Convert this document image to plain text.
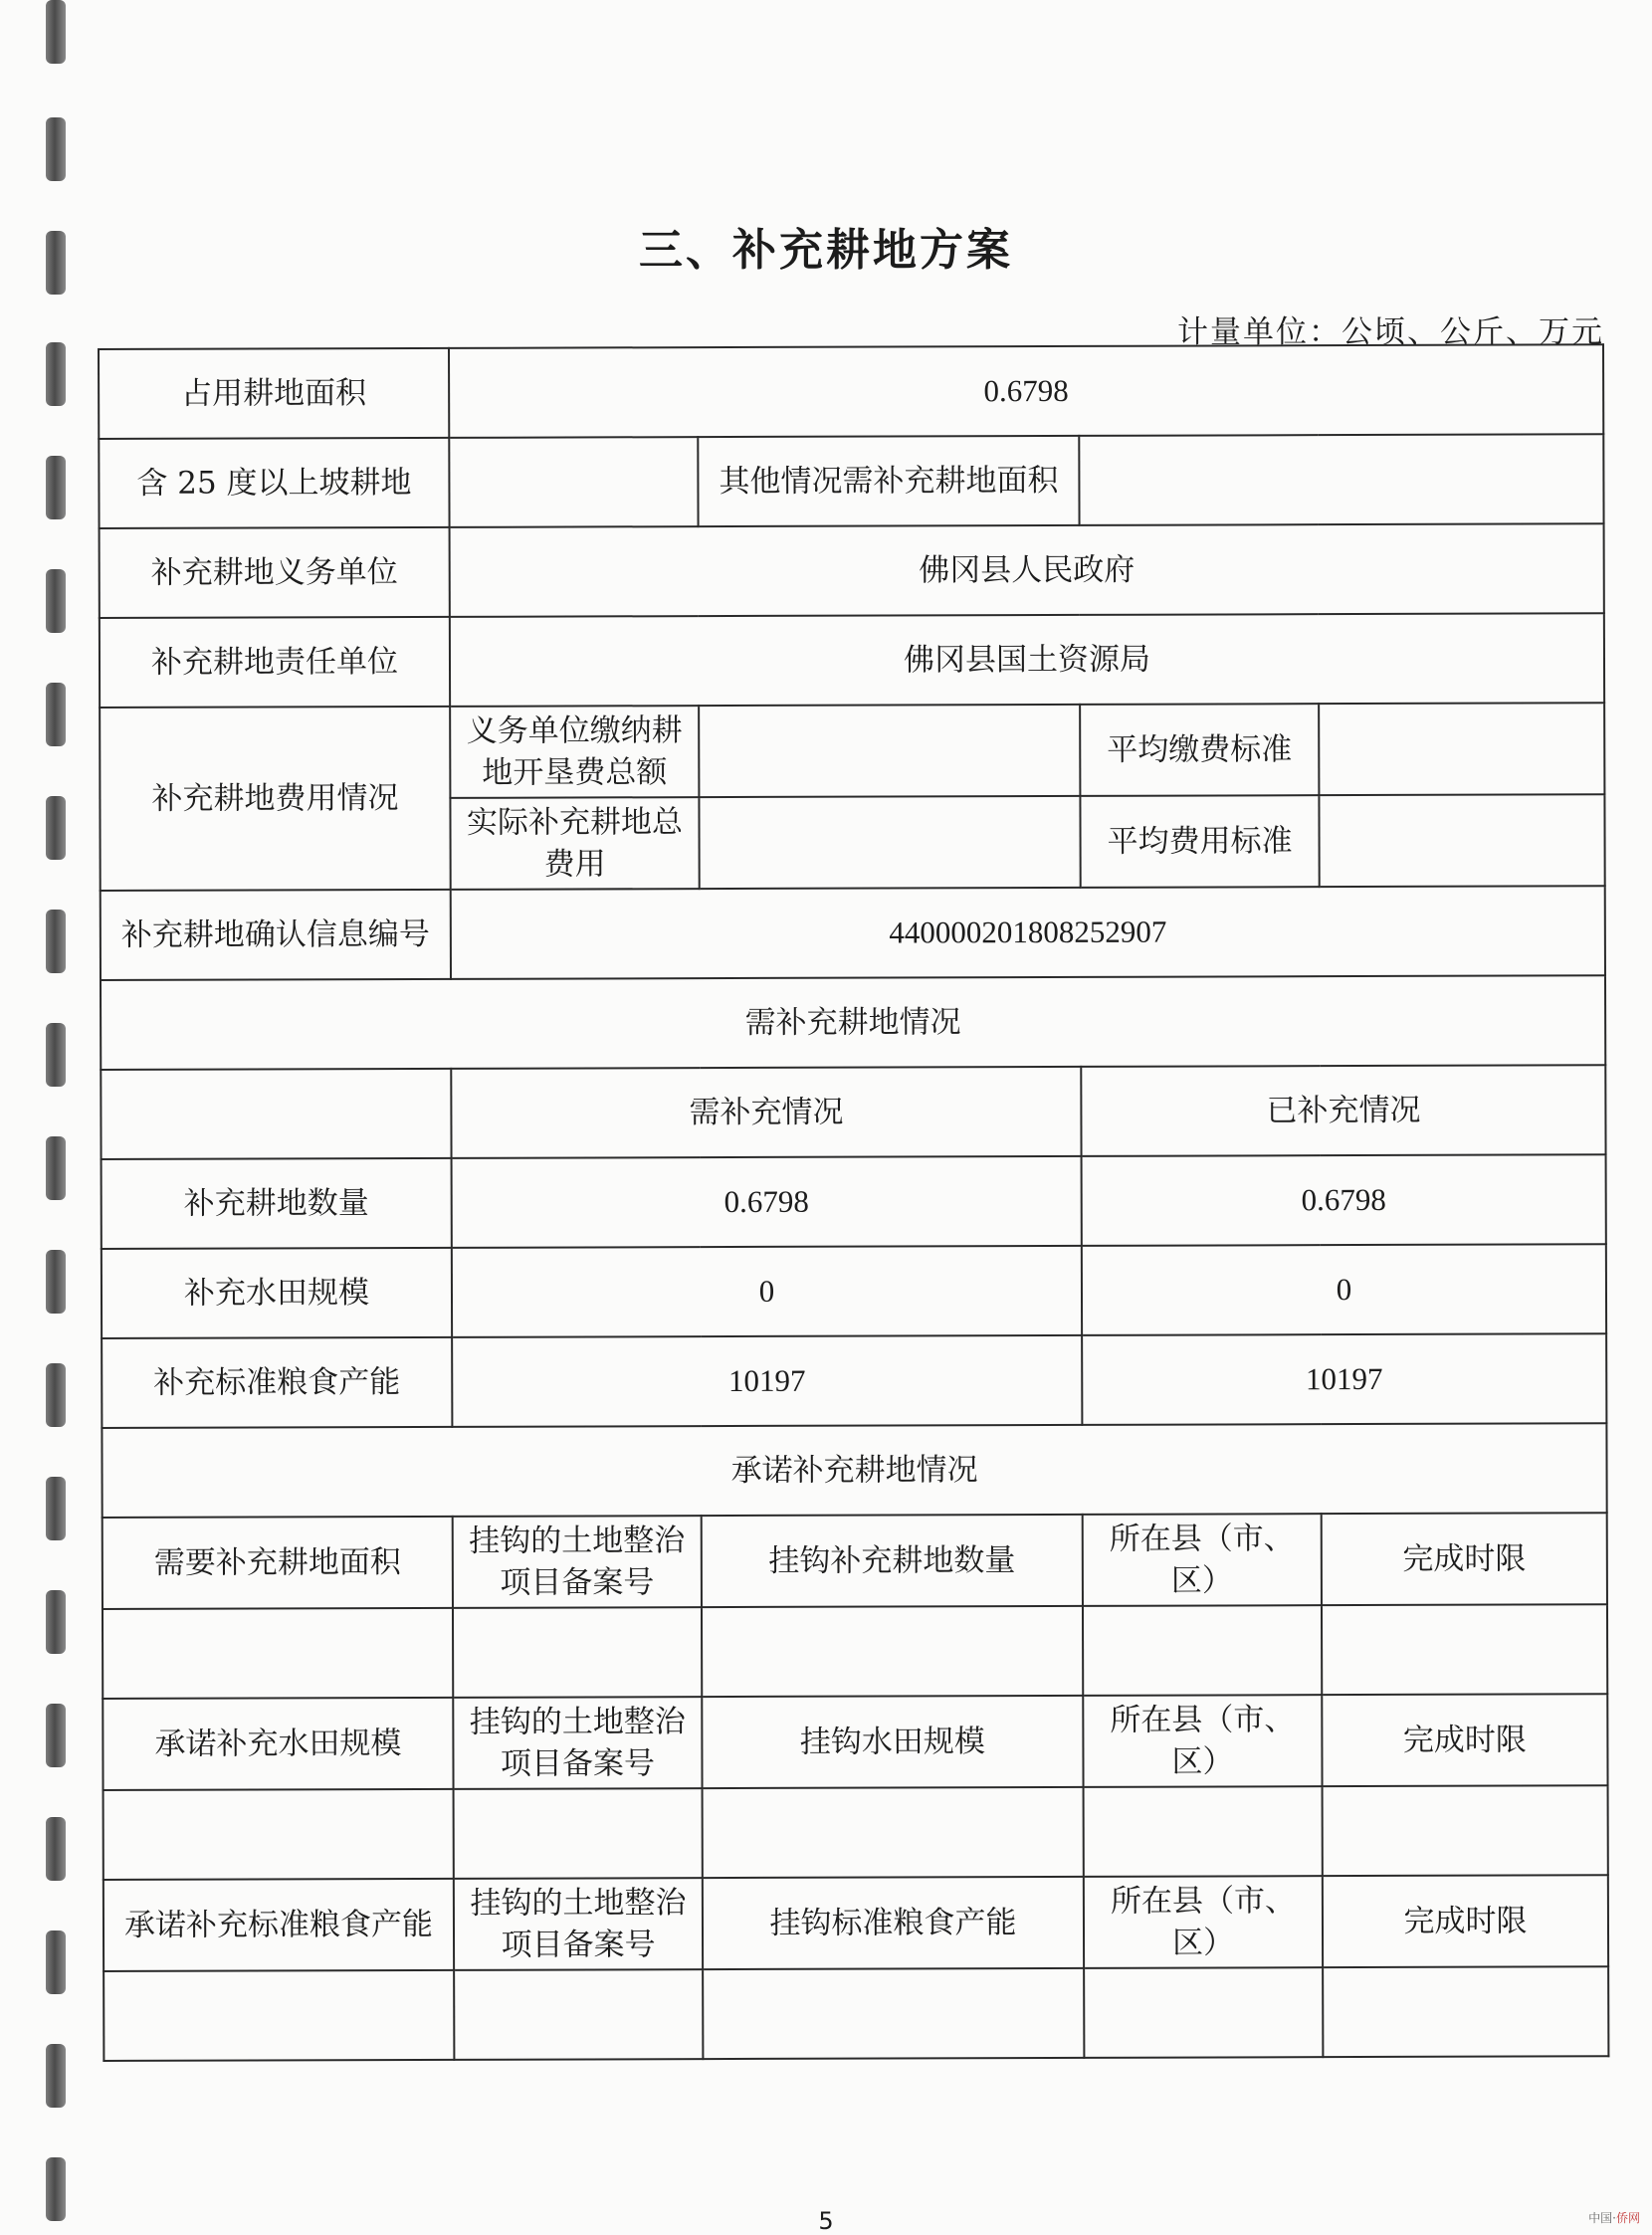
三、补充耕地方案
计量单位：公顷、公斤、万元
占用耕地面积	0.6798			
含 25 度以上坡耕地		其他情况需补充耕地面积		
补充耕地义务单位	佛冈县人民政府			
补充耕地责任单位	佛冈县国土资源局			
补充耕地费用情况	义务单位缴纳耕地开垦费总额		平均缴费标准	
	实际补充耕地总费用		平均费用标准	
补充耕地确认信息编号	440000201808252907			
需补充耕地情况				
	需补充情况		已补充情况	
补充耕地数量	0.6798		0.6798	
补充水田规模	0		0	
补充标准粮食产能	10197		10197	
承诺补充耕地情况				
需要补充耕地面积	挂钩的土地整治项目备案号	挂钩补充耕地数量	所在县（市、区）	完成时限

承诺补充水田规模	挂钩的土地整治项目备案号	挂钩水田规模	所在县（市、区）	完成时限

承诺补充标准粮食产能	挂钩的土地整治项目备案号	挂钩标准粮食产能	所在县（市、区）	完成时限

5	中国·侨网
